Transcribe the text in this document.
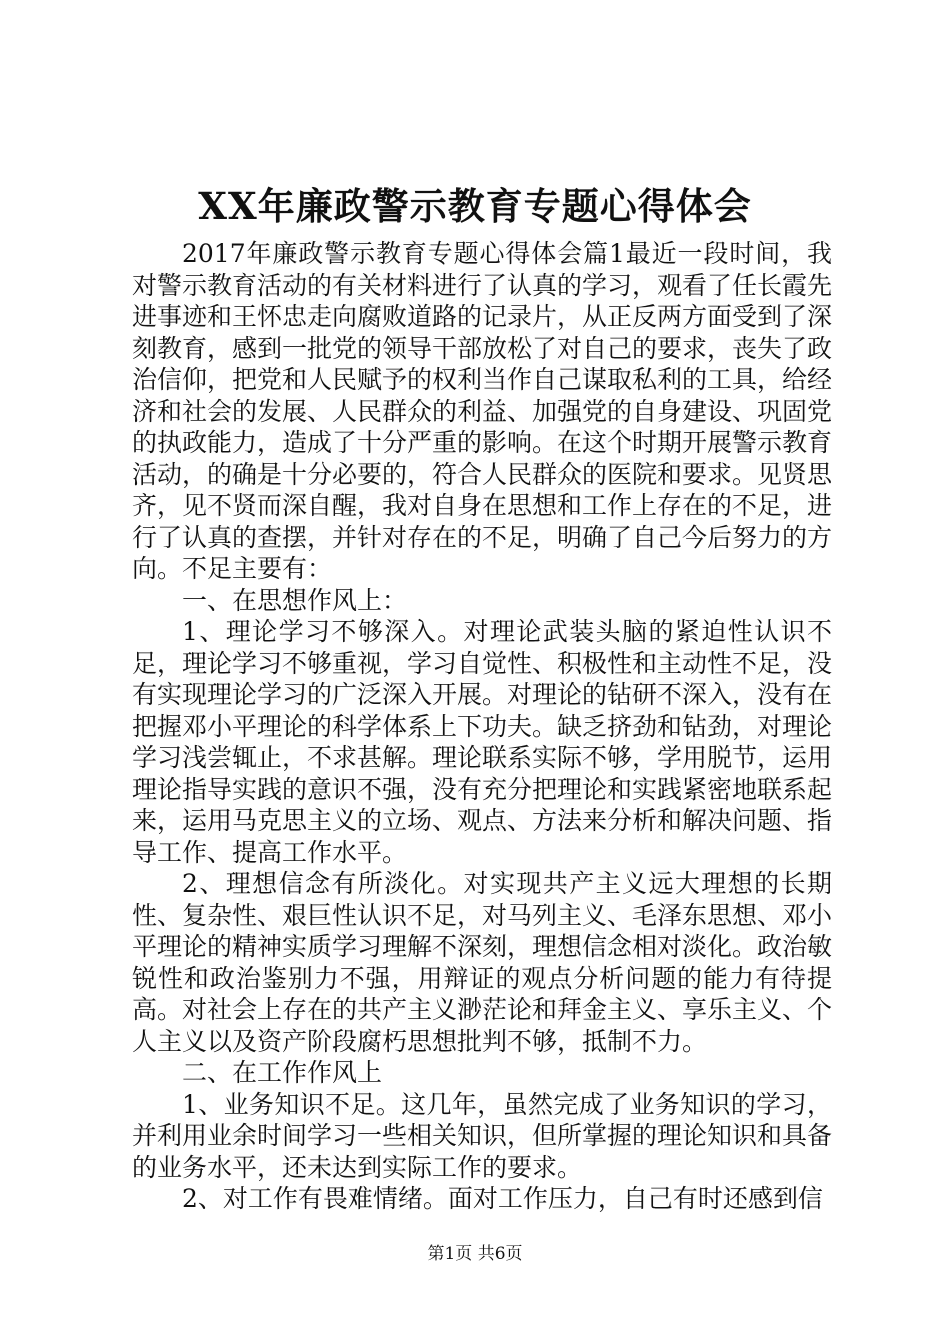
XX年廉政警示教育专题心得体会

2017年廉政警示教育专题心得体会篇1最近一段时间，我对警示教育活动的有关材料进行了认真的学习，观看了任长霞先进事迹和王怀忠走向腐败道路的记录片，从正反两方面受到了深刻教育，感到一批党的领导干部放松了对自己的要求，丧失了政治信仰，把党和人民赋予的权利当作自己谋取私利的工具，给经济和社会的发展、人民群众的利益、加强党的自身建设、巩固党的执政能力，造成了十分严重的影响。在这个时期开展警示教育活动，的确是十分必要的，符合人民群众的医院和要求。见贤思齐，见不贤而深自醒，我对自身在思想和工作上存在的不足，进行了认真的查摆，并针对存在的不足，明确了自己今后努力的方向。不足主要有：

一、在思想作风上：

1、理论学习不够深入。对理论武装头脑的紧迫性认识不足，理论学习不够重视，学习自觉性、积极性和主动性不足，没有实现理论学习的广泛深入开展。对理论的钻研不深入，没有在把握邓小平理论的科学体系上下功夫。缺乏挤劲和钻劲，对理论学习浅尝辄止，不求甚解。理论联系实际不够，学用脱节，运用理论指导实践的意识不强，没有充分把理论和实践紧密地联系起来，运用马克思主义的立场、观点、方法来分析和解决问题、指导工作、提高工作水平。

2、理想信念有所淡化。对实现共产主义远大理想的长期性、复杂性、艰巨性认识不足，对马列主义、毛泽东思想、邓小平理论的精神实质学习理解不深刻，理想信念相对淡化。政治敏锐性和政治鉴别力不强，用辩证的观点分析问题的能力有待提高。对社会上存在的共产主义渺茫论和拜金主义、享乐主义、个人主义以及资产阶段腐朽思想批判不够，抵制不力。

二、在工作作风上

1、业务知识不足。这几年，虽然完成了业务知识的学习，并利用业余时间学习一些相关知识，但所掌握的理论知识和具备的业务水平，还未达到实际工作的要求。

2、对工作有畏难情绪。面对工作压力，自己有时还感到信

第1页 共6页
